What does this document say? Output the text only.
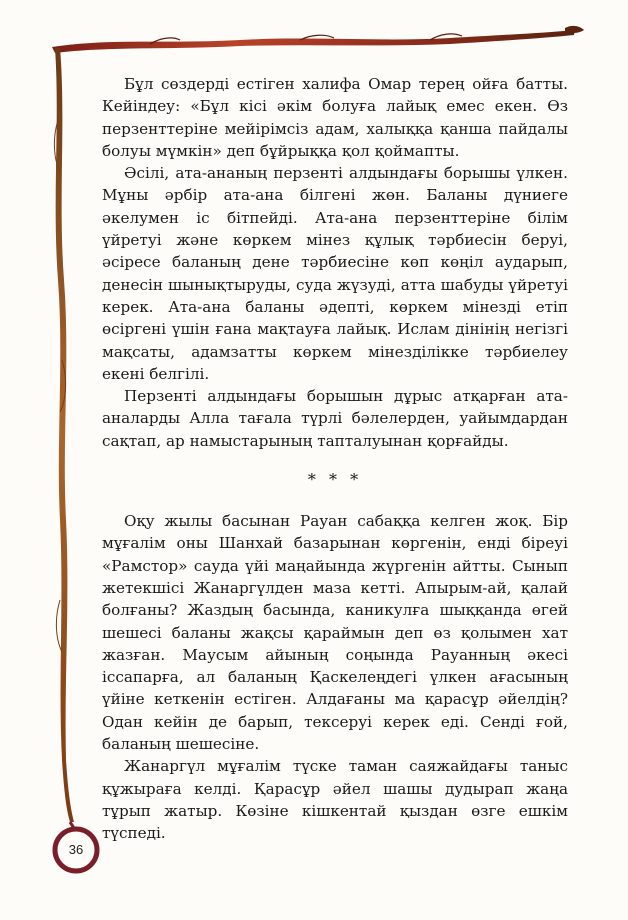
Бұл сөздерді естіген халифа Омар терең ойға батты. Кейіндеу: «Бұл кісі әкім болуға лайық емес екен. Өз перзенттеріне мейірімсіз адам, халыққа қанша пайдалы болуы мүмкін» деп бұйрыққа қол қоймапты.

Әсілі, ата-ананың перзенті алдындағы борышы үлкен. Мұны әрбір ата-ана білгені жөн. Баланы дүниеге әкелумен іс бітпейді. Ата-ана перзенттеріне білім үйретуі және көркем мінез құлық тәрбиесін беруі, әсіресе баланың дене тәрбиесіне көп көңіл аударып, денесін шынықтыруды, суда жүзуді, атта шабуды үйретуі керек. Ата-ана баланы әдепті, көркем мінезді етіп өсіргені үшін ғана мақтауға лайық. Ислам дінінің негізгі мақсаты, адамзатты көркем мінезділікке тәрбиелеу екені белгілі.

Перзенті алдындағы борышын дұрыс атқарған ата-аналарды Алла тағала түрлі бәлелерден, уайымдардан сақтап, ар намыстарының тапталуынан қорғайды.

* * *

Оқу жылы басынан Рауан сабаққа келген жоқ. Бір мұғалім оны Шанхай базарынан көргенін, енді біреуі «Рамстор» сауда үйі маңайында жүргенін айтты. Сынып жетекшісі Жанаргүлден маза кетті. Апырым-ай, қалай болғаны? Жаздың басында, каникулға шыққанда өгей шешесі баланы жақсы қараймын деп өз қолымен хат жазған. Маусым айының соңында Рауанның әкесі іссапарға, ал баланың Қаскелеңдегі үлкен ағасының үйіне кеткенін естіген. Алдағаны ма қарасұр әйелдің? Одан кейін де барып, тексеруі керек еді. Сенді ғой, баланың шешесіне.

Жанаргүл мұғалім түске таман саяжайдағы таныс құжыраға келді. Қарасұр әйел шашы дудырап жаңа тұрып жатыр. Көзіне кішкентай қыздан өзге ешкім түспеді.

36
